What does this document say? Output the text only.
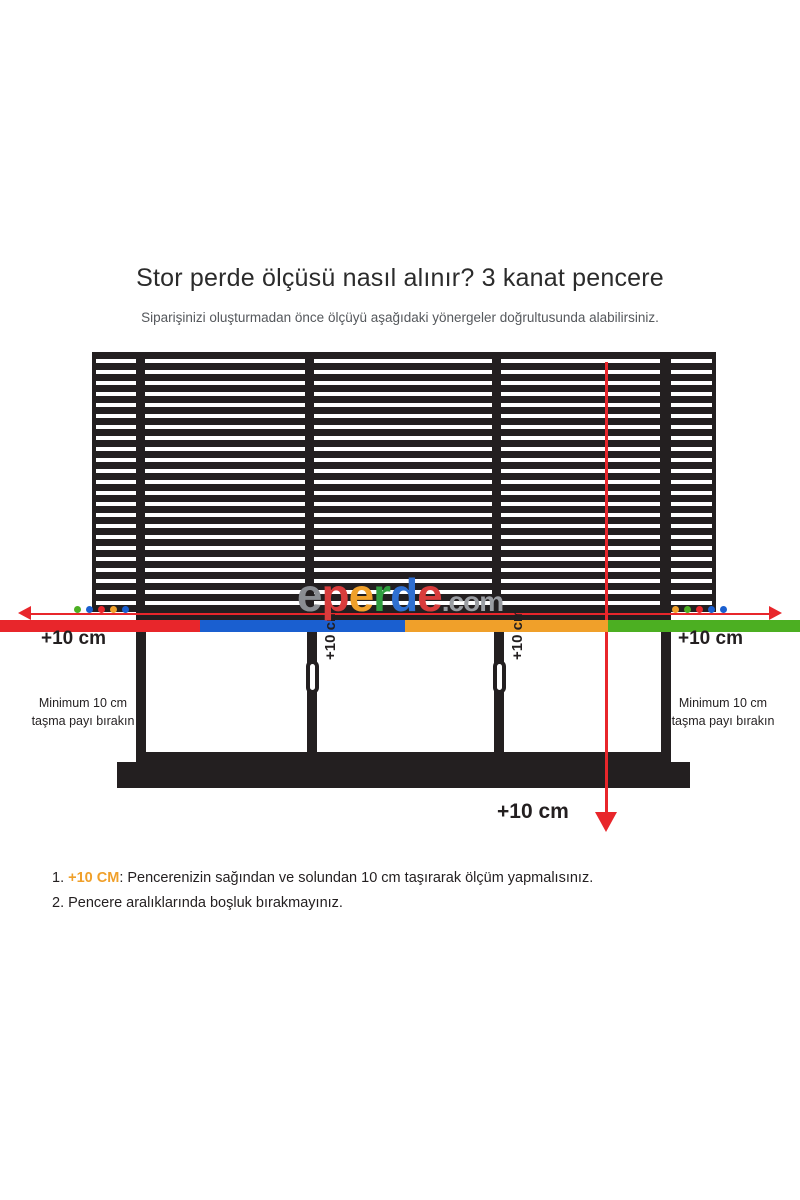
Stor perde ölçüsü nasıl alınır? 3 kanat pencere
Siparişinizi oluşturmadan önce ölçüyü aşağıdaki yönergeler doğrultusunda alabilirsiniz.
+10 cm	+10 cm
+10 cm
+10 cm	+10 cm
Minimum 10 cm
taşma payı bırakın
Minimum 10 cm
taşma payı bırakın
eperde.com
1. +10 CM: Pencerenizin sağından ve solundan 10 cm taşırarak ölçüm yapmalısınız.
2. Pencere aralıklarında boşluk bırakmayınız.
